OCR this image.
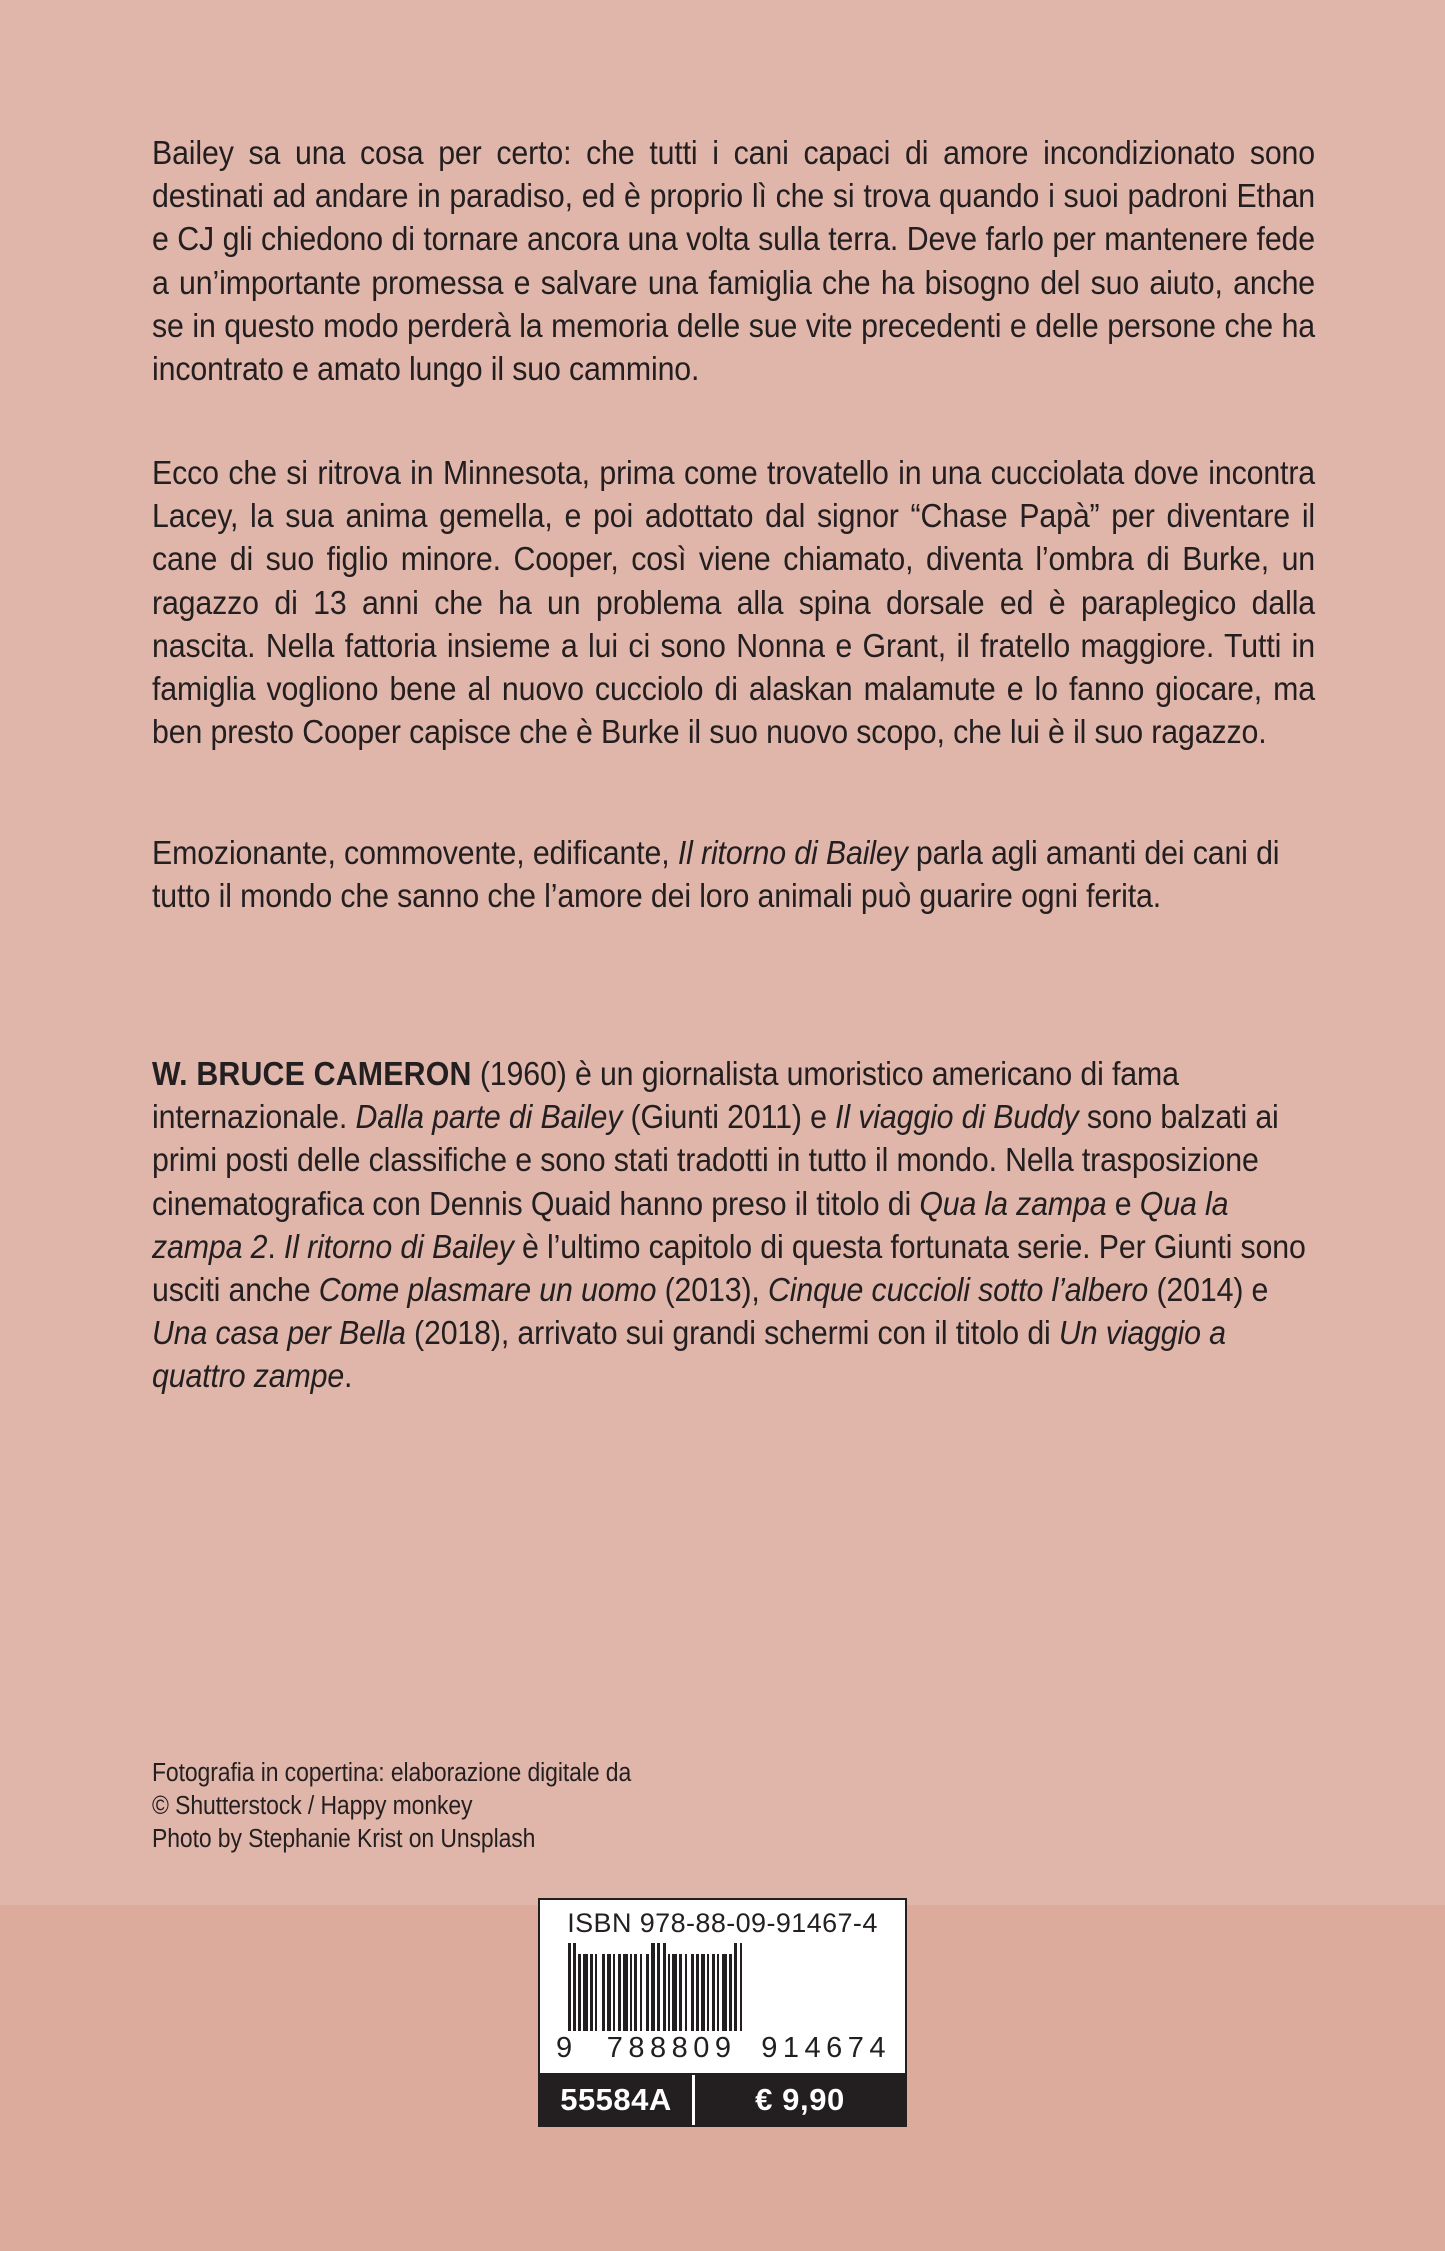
Bailey sa una cosa per certo: che tutti i cani capaci di amore incondizionato sono destinati ad andare in paradiso, ed è proprio lì che si trova quando i suoi padroni Ethan e CJ gli chiedono di tornare ancora una volta sulla terra. Deve farlo per mantenere fede a un’importante promessa e salvare una famiglia che ha bisogno del suo aiuto, anche se in questo modo perderà la memoria delle sue vite precedenti e delle persone che ha incontrato e amato lungo il suo cammino.
Ecco che si ritrova in Minnesota, prima come trovatello in una cucciolata dove incontra Lacey, la sua anima gemella, e poi adottato dal signor “Chase Papà” per diventare il cane di suo figlio minore. Cooper, così viene chiamato, diventa l’ombra di Burke, un ragazzo di 13 anni che ha un problema alla spina dorsale ed è paraplegico dalla nascita. Nella fattoria insieme a lui ci sono Nonna e Grant, il fratello maggiore. Tutti in famiglia vogliono bene al nuovo cucciolo di alaskan malamute e lo fanno giocare, ma ben presto Cooper capisce che è Burke il suo nuovo scopo, che lui è il suo ragazzo.
Emozionante, commovente, edificante, Il ritorno di Bailey parla agli amanti dei cani di tutto il mondo che sanno che l’amore dei loro animali può guarire ogni ferita.
W. BRUCE CAMERON (1960) è un giornalista umoristico americano di fama internazionale. Dalla parte di Bailey (Giunti 2011) e Il viaggio di Buddy sono balzati ai primi posti delle classifiche e sono stati tradotti in tutto il mondo. Nella trasposizione cinematografica con Dennis Quaid hanno preso il titolo di Qua la zampa e Qua la zampa 2. Il ritorno di Bailey è l’ultimo capitolo di questa fortunata serie. Per Giunti sono usciti anche Come plasmare un uomo (2013), Cinque cuccioli sotto l’albero (2014) e Una casa per Bella (2018), arrivato sui grandi schermi con il titolo di Un viaggio a quattro zampe.
Fotografia in copertina: elaborazione digitale da
© Shutterstock / Happy monkey
Photo by Stephanie Krist on Unsplash
ISBN 978-88-09-91467-4
9	788809 914674
55584A	€ 9,90
